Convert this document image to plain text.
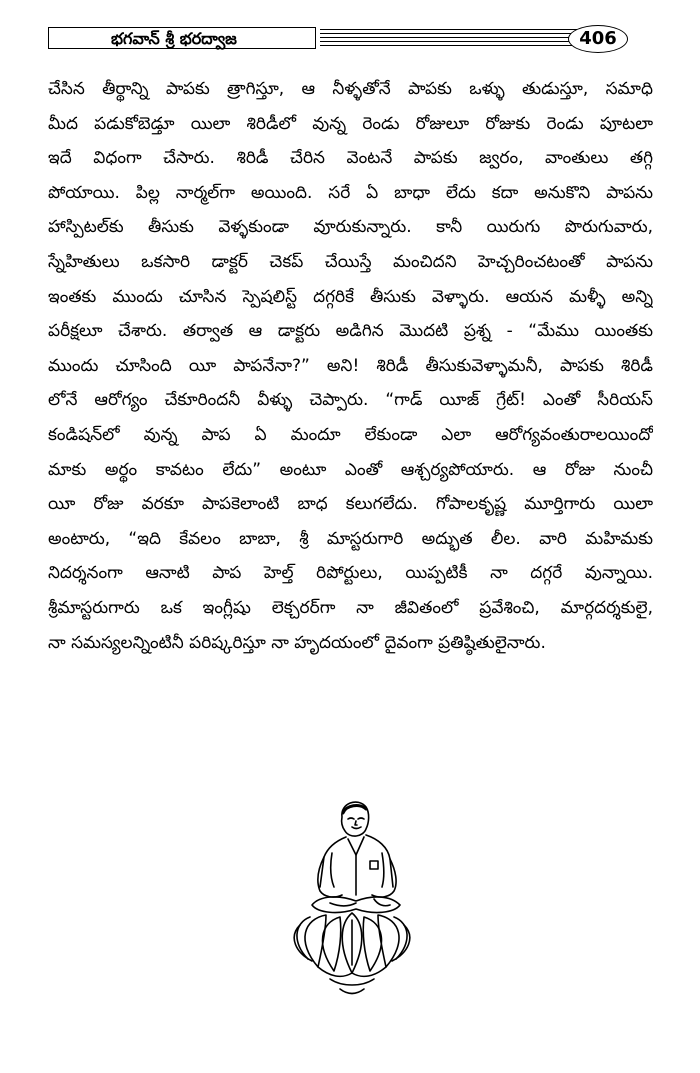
భగవాన్ శ్రీ భరద్వాజ	406
చేసిన తీర్థాన్ని పాపకు త్రాగిస్తూ, ఆ నీళ్ళతోనే పాపకు ఒళ్ళు తుడుస్తూ, సమాధి
మీద పడుకోబెడ్తూ యిలా శిరిడీలో వున్న రెండు రోజులూ రోజుకు రెండు పూటలా
ఇదే విధంగా చేసారు. శిరిడీ చేరిన వెంటనే పాపకు జ్వరం, వాంతులు తగ్గి
పోయాయి. పిల్ల నార్మల్‌గా అయింది. సరే ఏ బాధా లేదు కదా అనుకొని పాపను
హాస్పిటల్‌కు తీసుకు వెళ్ళకుండా వూరుకున్నారు. కానీ యిరుగు పొరుగువారు,
స్నేహితులు ఒకసారి డాక్టర్ చెకప్ చేయిస్తే మంచిదని హెచ్చరించటంతో పాపను
ఇంతకు ముందు చూసిన స్పెషలిస్ట్ దగ్గరికే తీసుకు వెళ్ళారు. ఆయన మళ్ళీ అన్ని
పరీక్షలూ చేశారు. తర్వాత ఆ డాక్టరు అడిగిన మొదటి ప్రశ్న - “మేము యింతకు
ముందు చూసింది యీ పాపనేనా?” అని! శిరిడీ తీసుకువెళ్ళామనీ, పాపకు శిరిడీ
లోనే ఆరోగ్యం చేకూరిందనీ వీళ్ళు చెప్పారు. “గాడ్ యీజ్ గ్రేట్! ఎంతో సీరియస్
కండిషన్‌లో వున్న పాప ఏ మందూ లేకుండా ఎలా ఆరోగ్యవంతురాలయిందో
మాకు అర్థం కావటం లేదు” అంటూ ఎంతో ఆశ్చర్యపోయారు. ఆ రోజు నుంచీ
యీ రోజు వరకూ పాపకెలాంటి బాధ కలుగలేదు. గోపాలకృష్ణ మూర్తిగారు యిలా
అంటారు, “ఇది కేవలం బాబా, శ్రీ మాస్టరుగారి అద్భుత లీల. వారి మహిమకు
నిదర్శనంగా ఆనాటి పాప హెల్త్ రిపోర్టులు, యిప్పటికీ నా దగ్గరే వున్నాయి.
శ్రీమాస్టరుగారు ఒక ఇంగ్లీషు లెక్చరర్‌గా నా జీవితంలో ప్రవేశించి, మార్గదర్శకులై,
నా సమస్యలన్నింటినీ పరిష్కరిస్తూ నా హృదయంలో దైవంగా ప్రతిష్ఠితులైనారు.
